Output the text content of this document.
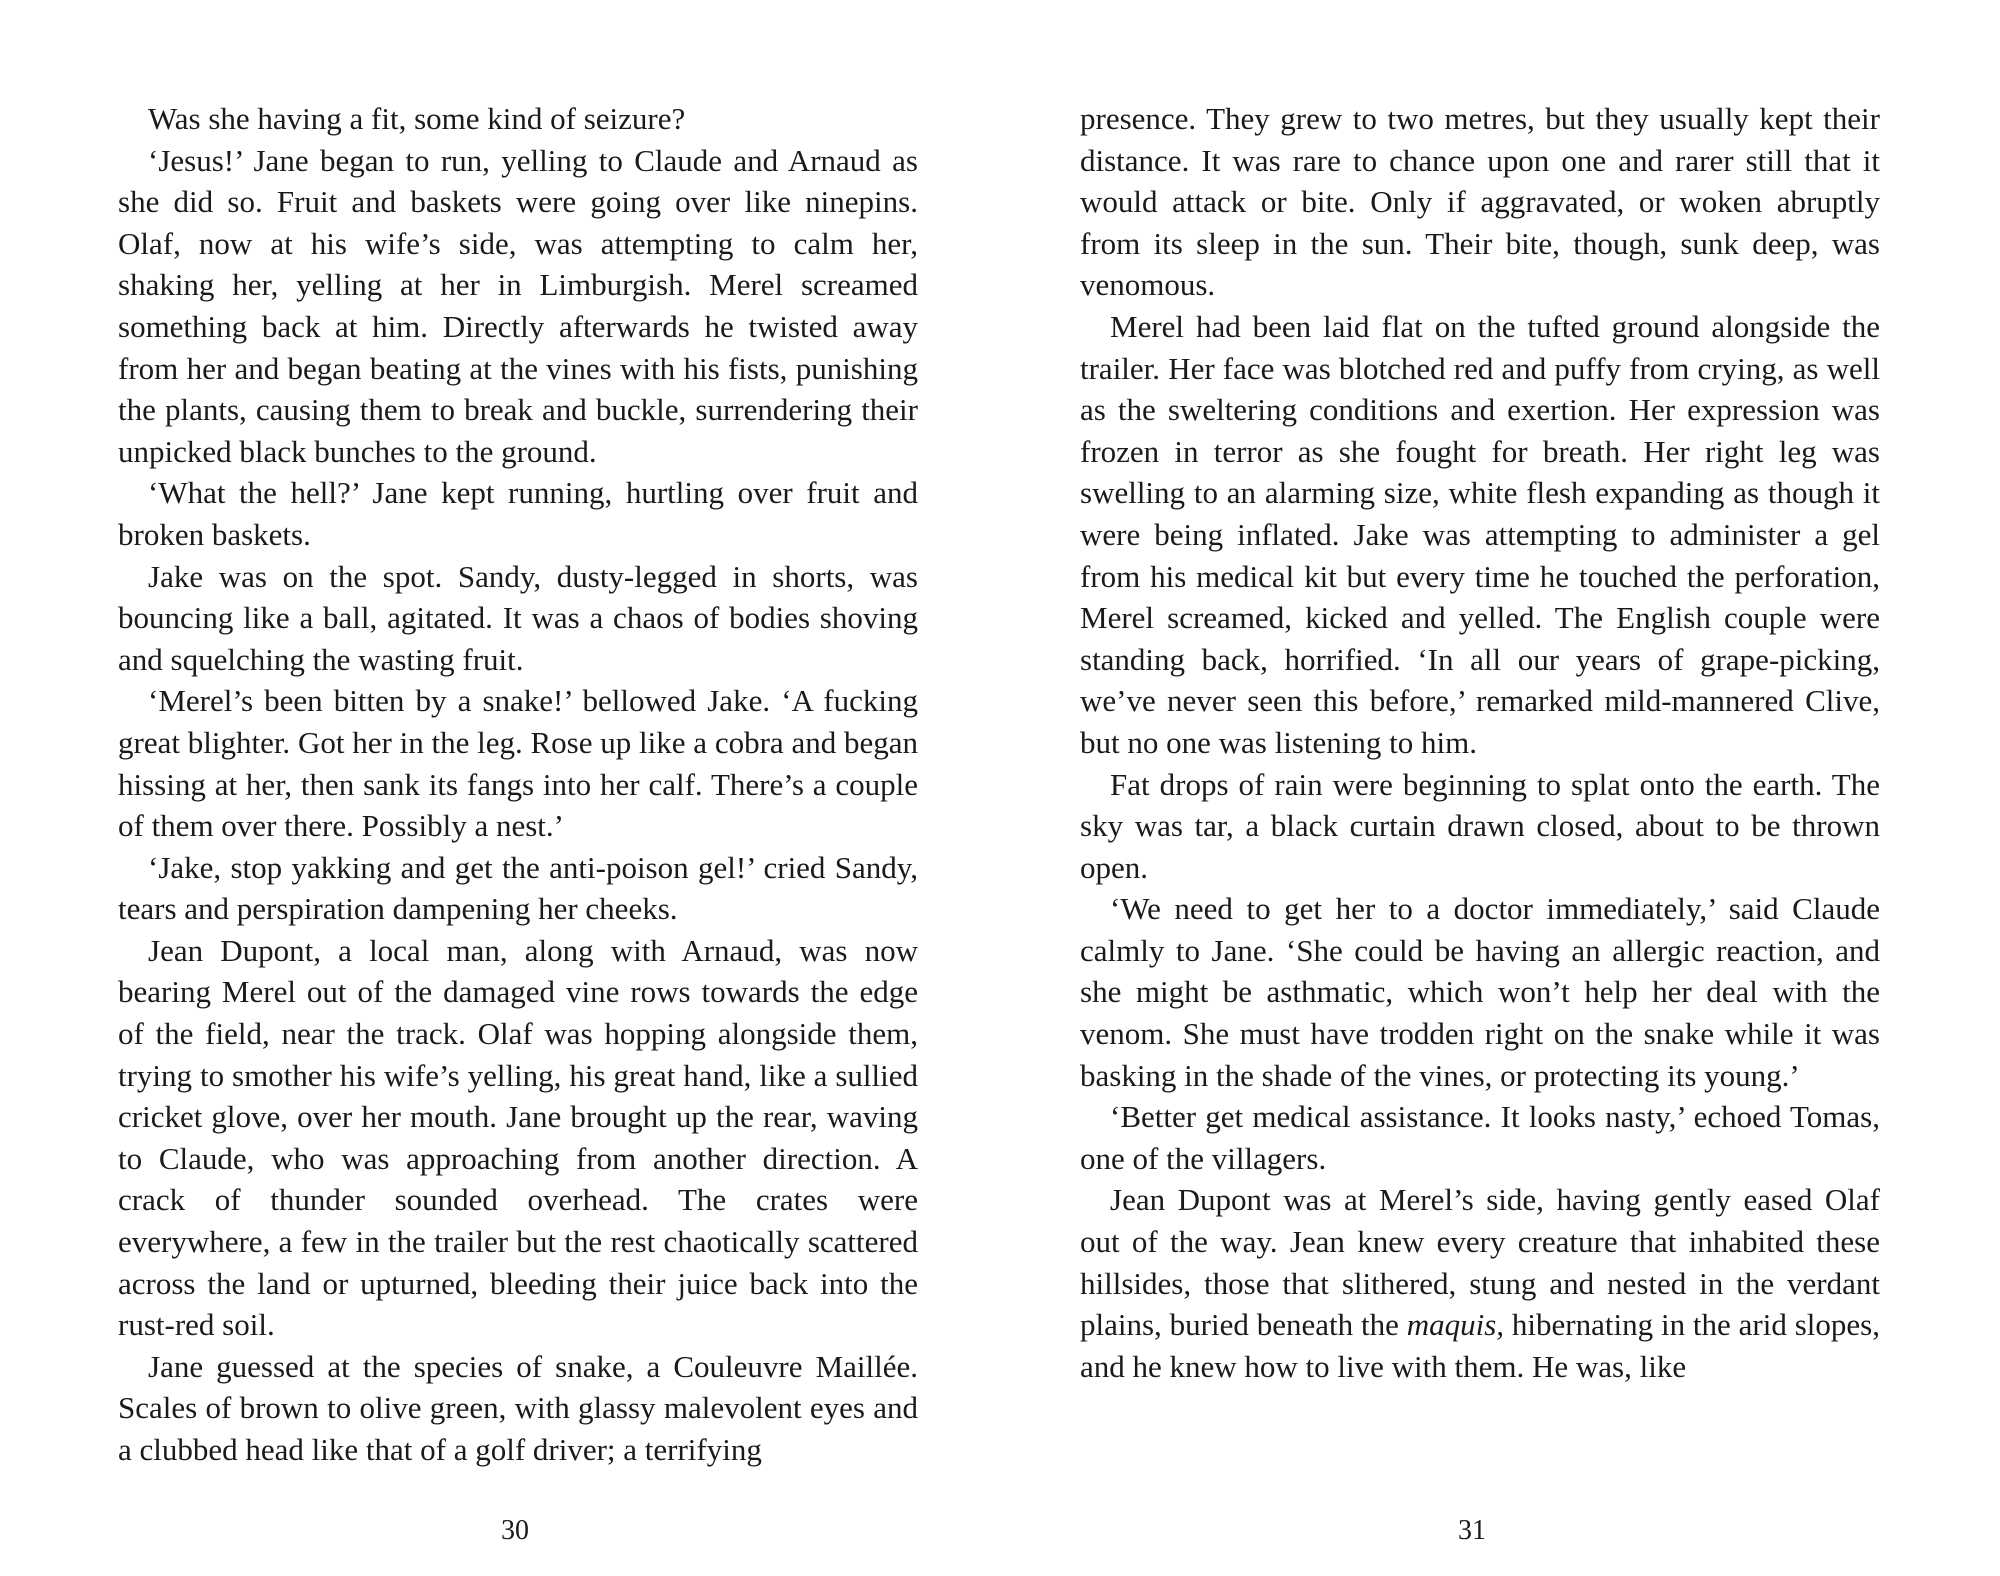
Was she having a fit, some kind of seizure?

‘Jesus!’ Jane began to run, yelling to Claude and Arnaud as she did so. Fruit and baskets were going over like ninepins. Olaf, now at his wife’s side, was attempting to calm her, shaking her, yelling at her in Limburgish. Merel screamed something back at him. Directly afterwards he twisted away from her and began beating at the vines with his fists, punishing the plants, causing them to break and buckle, surrendering their unpicked black bunches to the ground.

‘What the hell?’ Jane kept running, hurtling over fruit and broken baskets.

Jake was on the spot. Sandy, dusty-legged in shorts, was bouncing like a ball, agitated. It was a chaos of bodies shoving and squelching the wasting fruit.

‘Merel’s been bitten by a snake!’ bellowed Jake. ‘A fucking great blighter. Got her in the leg. Rose up like a cobra and began hissing at her, then sank its fangs into her calf. There’s a couple of them over there. Possibly a nest.’

‘Jake, stop yakking and get the anti-poison gel!’ cried Sandy, tears and perspiration dampening her cheeks.

Jean Dupont, a local man, along with Arnaud, was now bearing Merel out of the damaged vine rows towards the edge of the field, near the track. Olaf was hopping alongside them, trying to smother his wife’s yelling, his great hand, like a sullied cricket glove, over her mouth. Jane brought up the rear, waving to Claude, who was approaching from another direction. A crack of thunder sounded overhead. The crates were everywhere, a few in the trailer but the rest chaotically scattered across the land or upturned, bleeding their juice back into the rust-red soil.

Jane guessed at the species of snake, a Couleuvre Maillée. Scales of brown to olive green, with glassy malevolent eyes and a clubbed head like that of a golf driver; a terrifying

30

presence. They grew to two metres, but they usually kept their distance. It was rare to chance upon one and rarer still that it would attack or bite. Only if aggravated, or woken abruptly from its sleep in the sun. Their bite, though, sunk deep, was venomous.

Merel had been laid flat on the tufted ground alongside the trailer. Her face was blotched red and puffy from crying, as well as the sweltering conditions and exertion. Her expression was frozen in terror as she fought for breath. Her right leg was swelling to an alarming size, white flesh expanding as though it were being inflated. Jake was attempting to administer a gel from his medical kit but every time he touched the perforation, Merel screamed, kicked and yelled. The English couple were standing back, horrified. ‘In all our years of grape-picking, we’ve never seen this before,’ remarked mild-mannered Clive, but no one was listening to him.

Fat drops of rain were beginning to splat onto the earth. The sky was tar, a black curtain drawn closed, about to be thrown open.

‘We need to get her to a doctor immediately,’ said Claude calmly to Jane. ‘She could be having an allergic reaction, and she might be asthmatic, which won’t help her deal with the venom. She must have trodden right on the snake while it was basking in the shade of the vines, or protecting its young.’

‘Better get medical assistance. It looks nasty,’ echoed Tomas, one of the villagers.

Jean Dupont was at Merel’s side, having gently eased Olaf out of the way. Jean knew every creature that inhabited these hillsides, those that slithered, stung and nested in the verdant plains, buried beneath the maquis, hibernating in the arid slopes, and he knew how to live with them. He was, like

31
